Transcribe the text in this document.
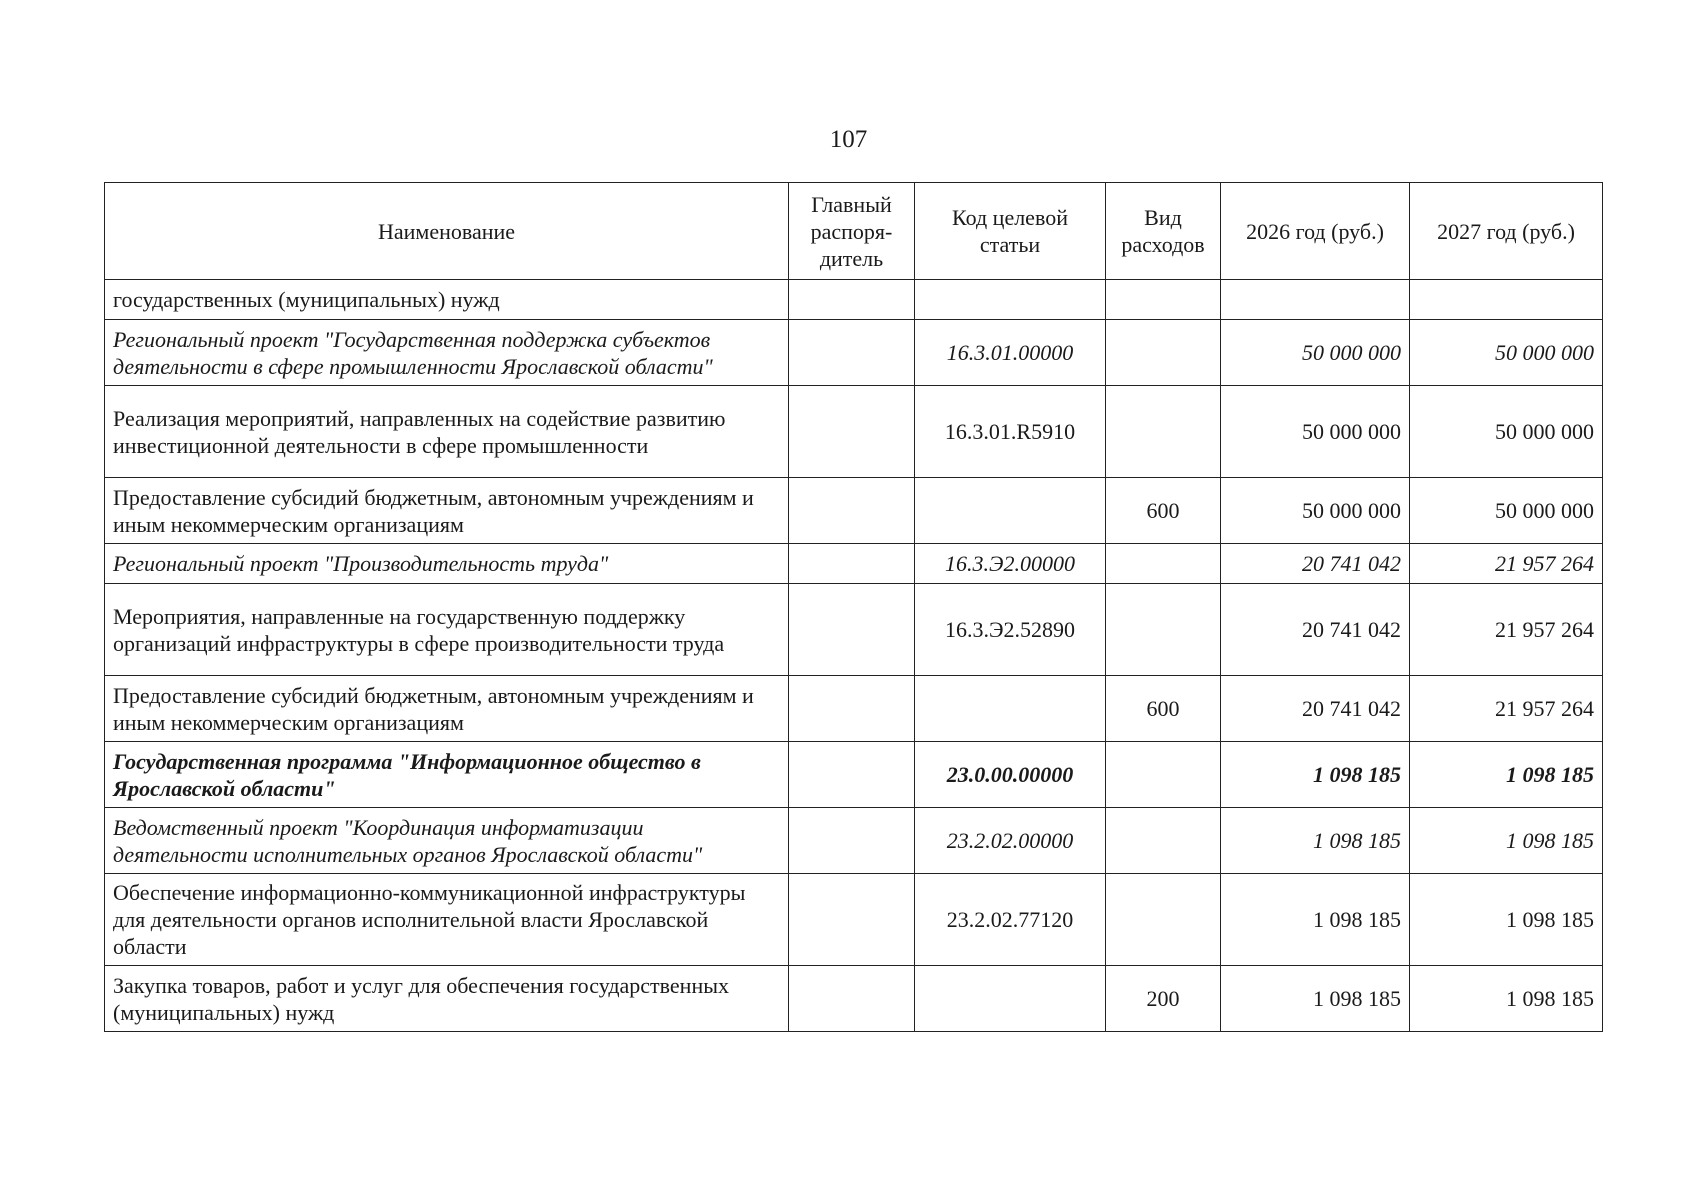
107
Наименование	Главный распоря-дитель	Код целевой статьи	Вид расходов	2026 год (руб.)	2027 год (руб.)
государственных (муниципальных) нужд					
Региональный проект "Государственная поддержка субъектов деятельности в сфере промышленности Ярославской области"		16.3.01.00000		50 000 000	50 000 000
Реализация мероприятий, направленных на содействие развитию инвестиционной деятельности в сфере промышленности		16.3.01.R5910		50 000 000	50 000 000
Предоставление субсидий бюджетным, автономным учреждениям и иным некоммерческим организациям			600	50 000 000	50 000 000
Региональный проект "Производительность труда"		16.3.Э2.00000		20 741 042	21 957 264
Мероприятия, направленные на государственную поддержку организаций инфраструктуры в сфере производительности труда		16.3.Э2.52890		20 741 042	21 957 264
Предоставление субсидий бюджетным, автономным учреждениям и иным некоммерческим организациям			600	20 741 042	21 957 264
Государственная программа "Информационное общество в Ярославской области"		23.0.00.00000		1 098 185	1 098 185
Ведомственный проект "Координация информатизации деятельности исполнительных органов Ярославской области"		23.2.02.00000		1 098 185	1 098 185
Обеспечение информационно-коммуникационной инфраструктуры для деятельности органов исполнительной власти Ярославской области		23.2.02.77120		1 098 185	1 098 185
Закупка товаров, работ и услуг для обеспечения государственных (муниципальных) нужд			200	1 098 185	1 098 185
